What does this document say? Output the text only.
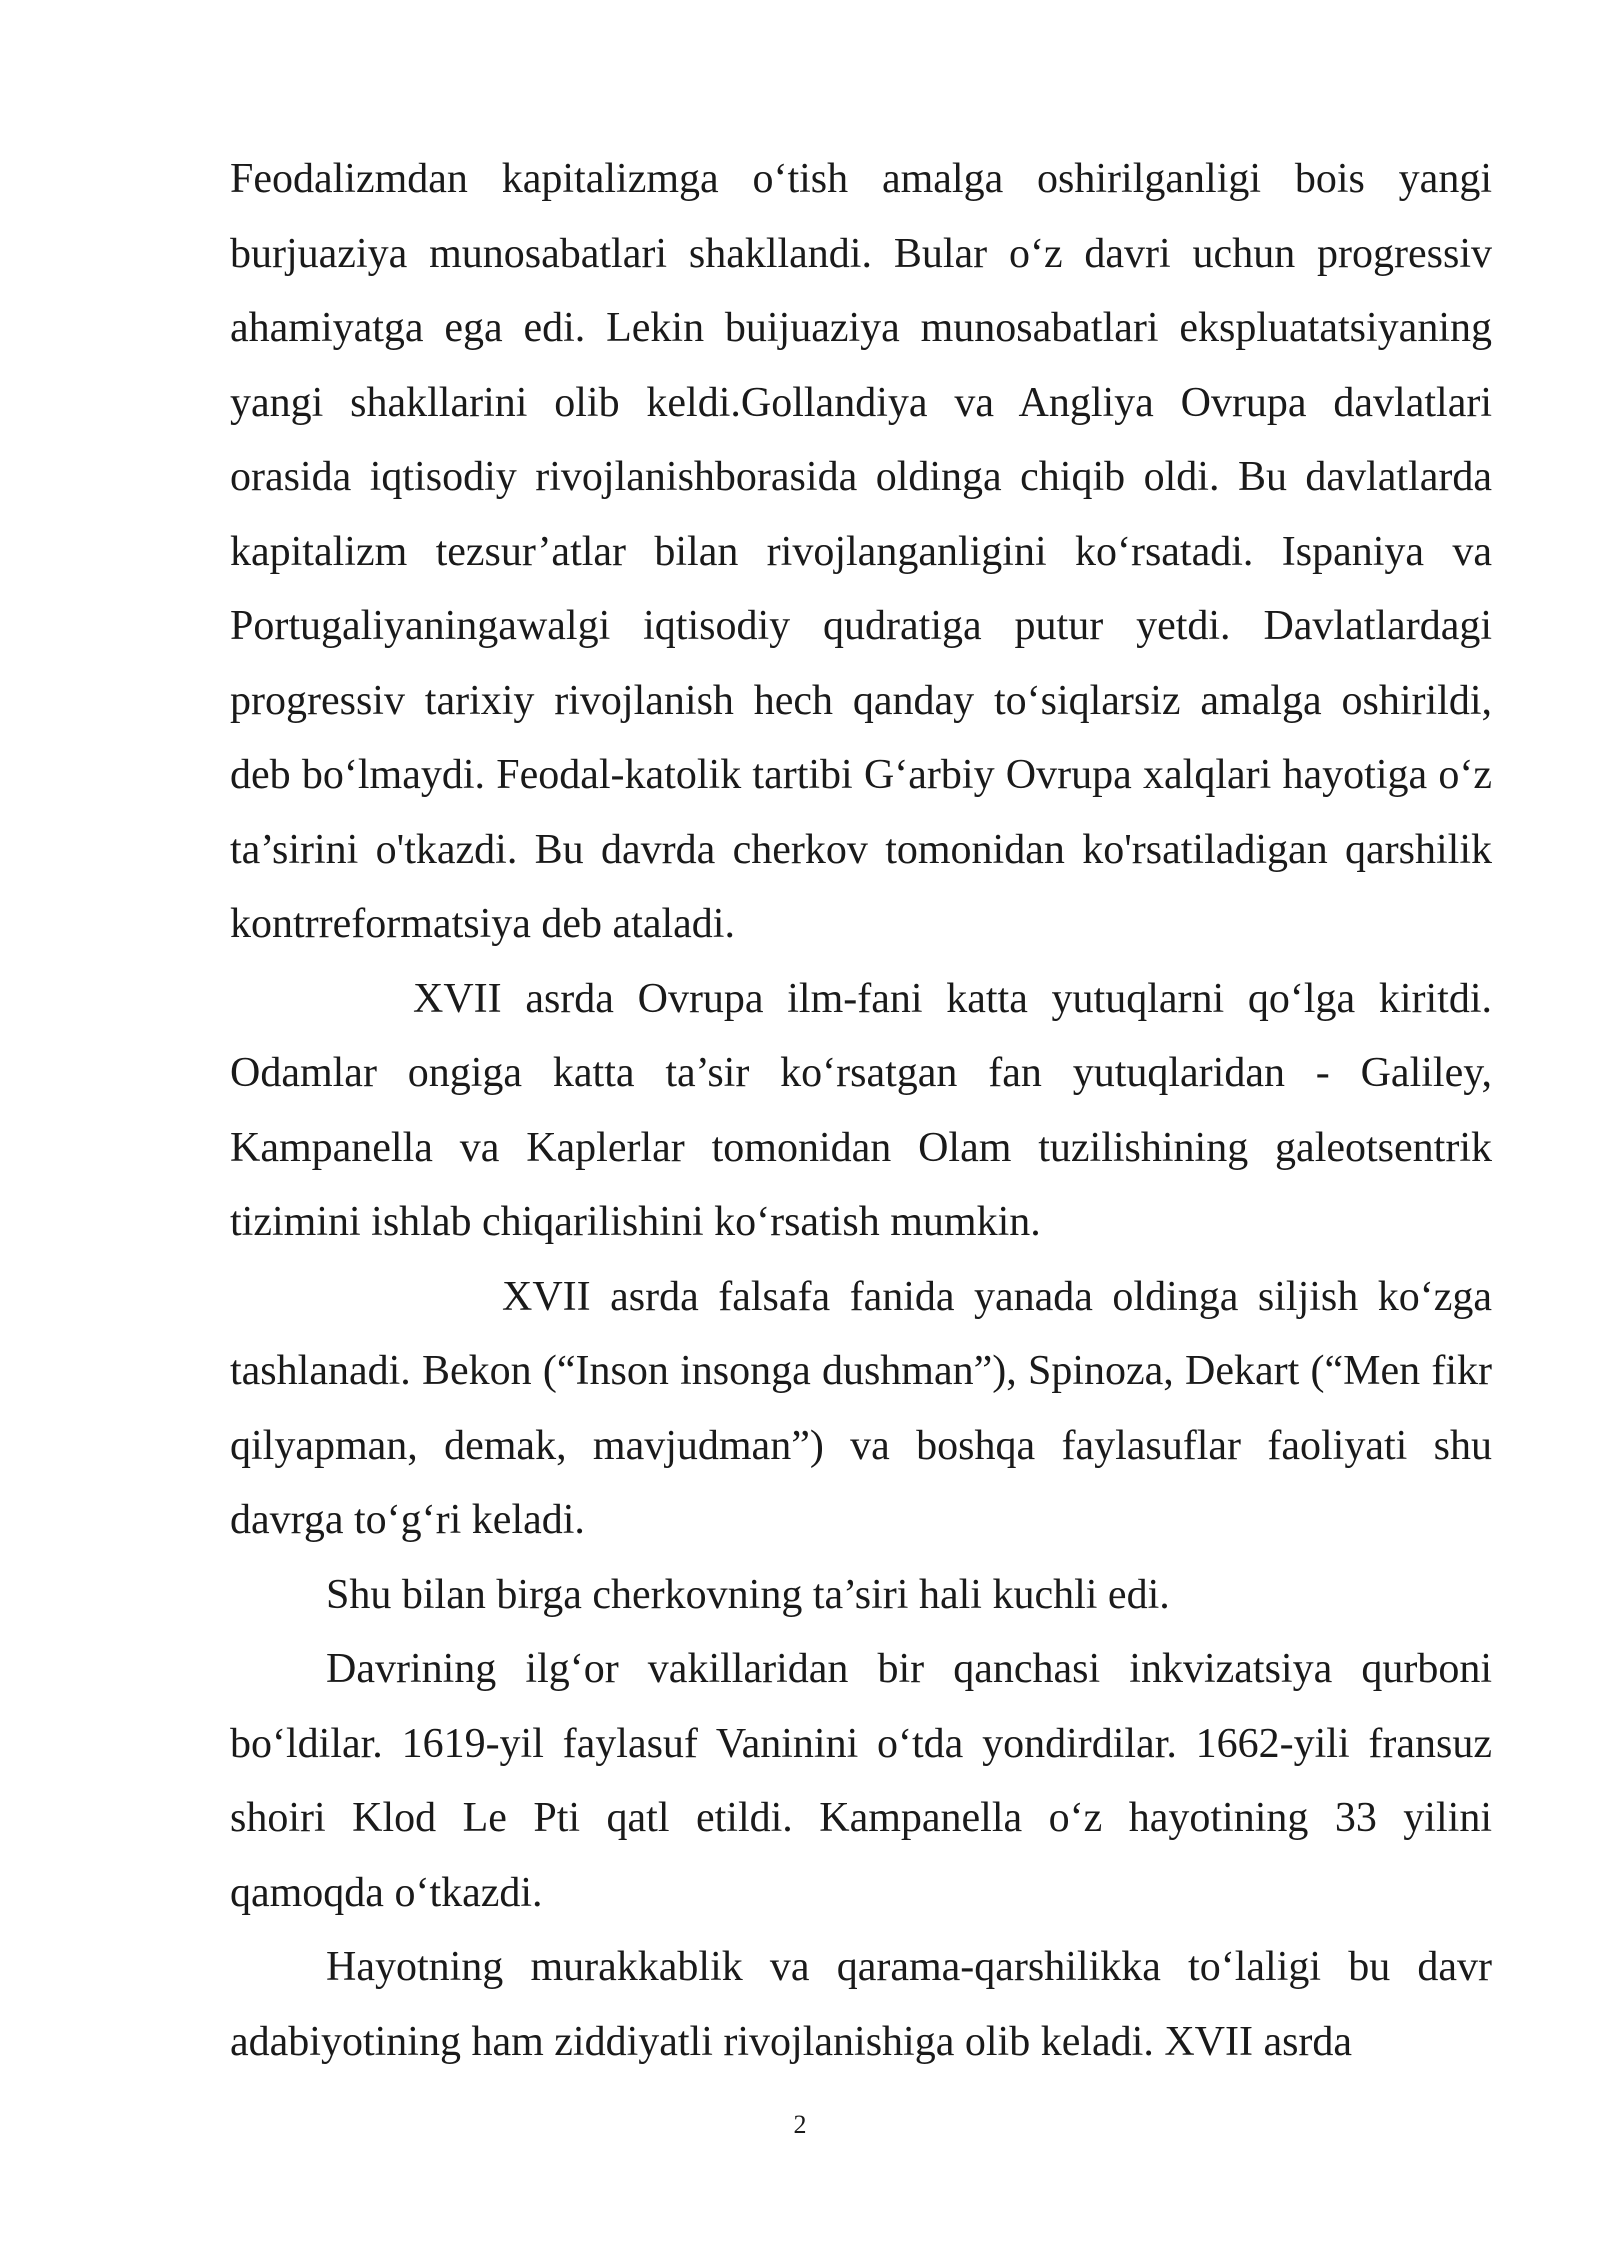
Feodalizmdan kapitalizmga o‘tish amalga oshirilganligi bois yangi burjuaziya munosabatlari shakllandi. Bular o‘z davri uchun progressiv ahamiyatga ega edi. Lekin buijuaziya munosabatlari ekspluatatsiyaning yangi shakllarini olib keldi.Gollandiya va Angliya Ovrupa davlatlari orasida iqtisodiy rivojlanishborasida oldinga chiqib oldi. Bu davlatlarda kapitalizm tezsur’atlar bilan rivojlanganligini ko‘rsatadi. Ispaniya va Portugaliyaningawalgi iqtisodiy qudratiga putur yetdi. Davlatlardagi progressiv tarixiy rivojlanish hech qanday to‘siqlarsiz amalga oshirildi, deb bo‘lmaydi. Feodal-katolik tartibi G‘arbiy Ovrupa xalqlari hayotiga o‘z ta’sirini o'tkazdi. Bu davrda cherkov tomonidan ko'rsatiladigan qarshilik kontrreformatsiya deb ataladi.

XVII asrda Ovrupa ilm-fani katta yutuqlarni qo‘lga kiritdi. Odamlar ongiga katta ta’sir ko‘rsatgan fan yutuqlaridan - Galiley, Kampanella va Kaplerlar tomonidan Olam tuzilishining galeotsentrik tizimini ishlab chiqarilishini ko‘rsatish mumkin.

XVII asrda falsafa fanida yanada oldinga siljish ko‘zga tashlanadi. Bekon (“Inson insonga dushman”), Spinoza, Dekart (“Men fikr qilyapman, demak, mavjudman”) va boshqa faylasuflar faoliyati shu davrga to‘g‘ri keladi.

Shu bilan birga cherkovning ta’siri hali kuchli edi.

Davrining ilg‘or vakillaridan bir qanchasi inkvizatsiya qurboni bo‘ldilar. 1619-yil faylasuf Vaninini o‘tda yondirdilar. 1662-yili fransuz shoiri Klod Le Pti qatl etildi. Kampanella o‘z hayotining 33 yilini qamoqda o‘tkazdi.

Hayotning murakkablik va qarama-qarshilikka to‘laligi bu davr adabiyotining ham ziddiyatli rivojlanishiga olib keladi. XVII asrda

2
